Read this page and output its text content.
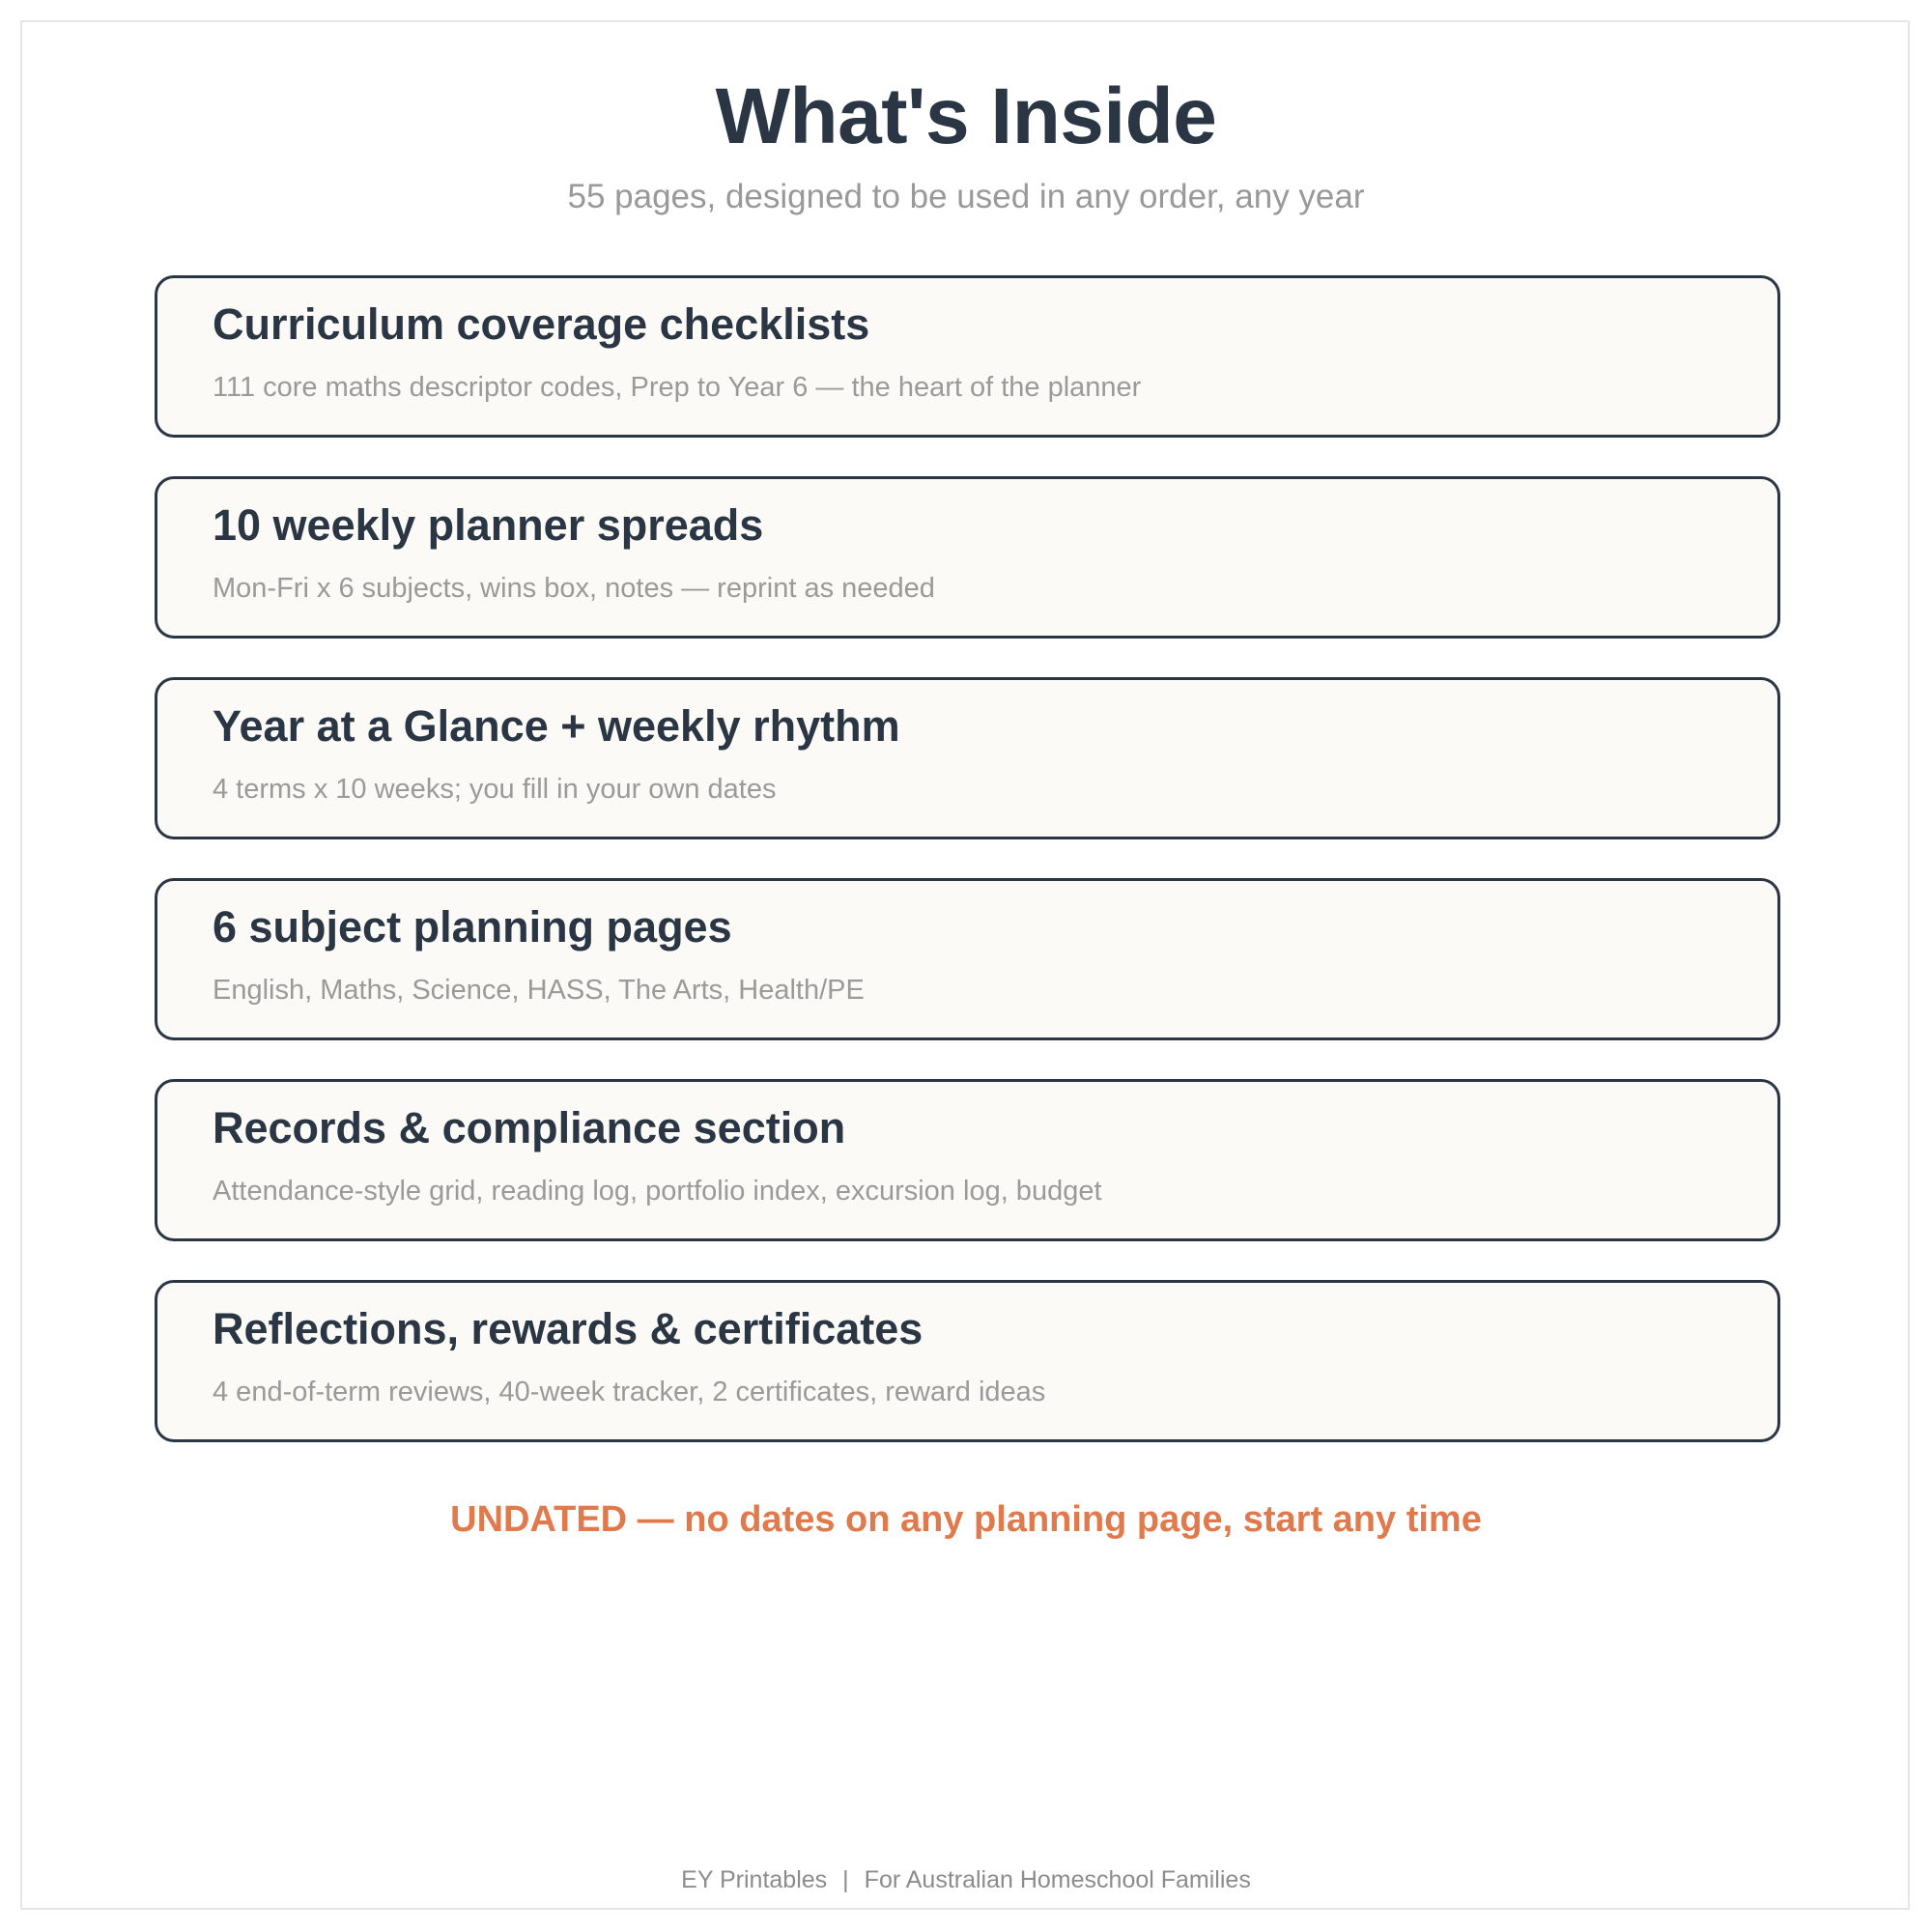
What's Inside
55 pages, designed to be used in any order, any year
Curriculum coverage checklists
111 core maths descriptor codes, Prep to Year 6 — the heart of the planner
10 weekly planner spreads
Mon-Fri x 6 subjects, wins box, notes — reprint as needed
Year at a Glance + weekly rhythm
4 terms x 10 weeks; you fill in your own dates
6 subject planning pages
English, Maths, Science, HASS, The Arts, Health/PE
Records & compliance section
Attendance-style grid, reading log, portfolio index, excursion log, budget
Reflections, rewards & certificates
4 end-of-term reviews, 40-week tracker, 2 certificates, reward ideas
UNDATED — no dates on any planning page, start any time
EY Printables | For Australian Homeschool Families
